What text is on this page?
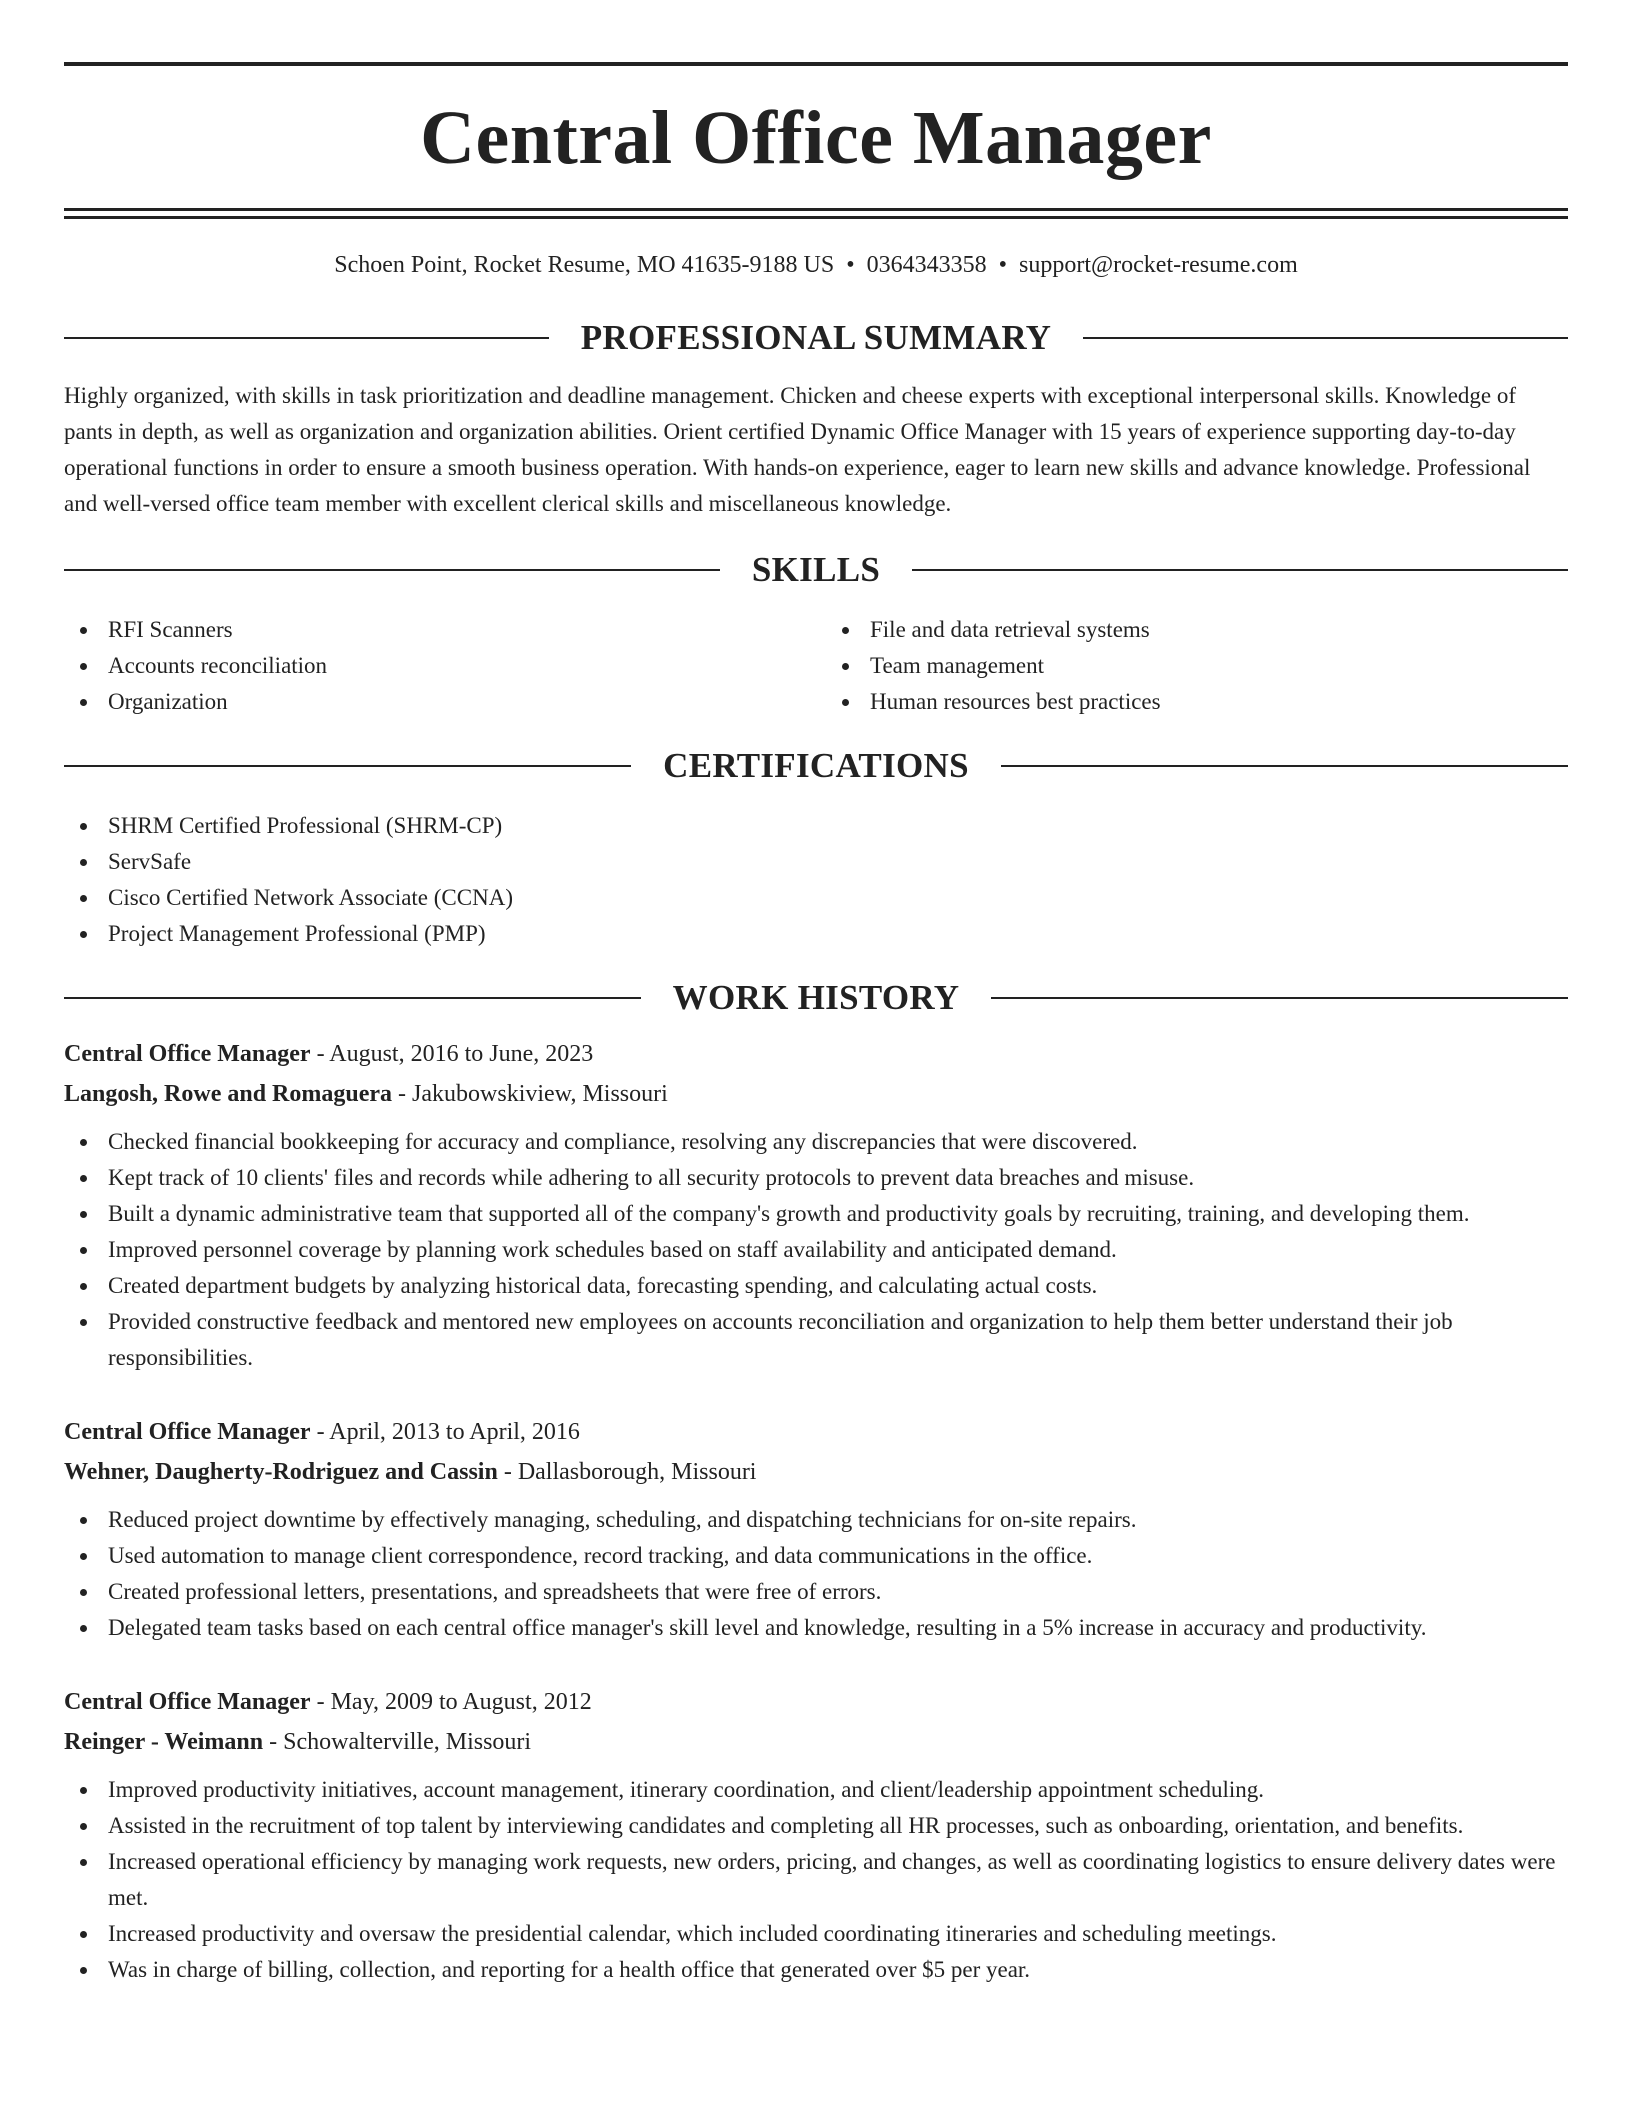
Central Office Manager
Schoen Point, Rocket Resume, MO 41635-9188 US • 0364343358 • support@rocket-resume.com
PROFESSIONAL SUMMARY

Highly organized, with skills in task prioritization and deadline management. Chicken and cheese experts with exceptional interpersonal skills. Knowledge of pants in depth, as well as organization and organization abilities. Orient certified Dynamic Office Manager with 15 years of experience supporting day-to-day operational functions in order to ensure a smooth business operation. With hands-on experience, eager to learn new skills and advance knowledge. Professional and well-versed office team member with excellent clerical skills and miscellaneous knowledge.

SKILLS
RFI Scanners
Accounts reconciliation
Organization
File and data retrieval systems
Team management
Human resources best practices
CERTIFICATIONS
SHRM Certified Professional (SHRM-CP)
ServSafe
Cisco Certified Network Associate (CCNA)
Project Management Professional (PMP)
WORK HISTORY
Central Office Manager - August, 2016 to June, 2023
Langosh, Rowe and Romaguera - Jakubowskiview, Missouri
Checked financial bookkeeping for accuracy and compliance, resolving any discrepancies that were discovered.
Kept track of 10 clients' files and records while adhering to all security protocols to prevent data breaches and misuse.
Built a dynamic administrative team that supported all of the company's growth and productivity goals by recruiting, training, and developing them.
Improved personnel coverage by planning work schedules based on staff availability and anticipated demand.
Created department budgets by analyzing historical data, forecasting spending, and calculating actual costs.
Provided constructive feedback and mentored new employees on accounts reconciliation and organization to help them better understand their job responsibilities.
Central Office Manager - April, 2013 to April, 2016
Wehner, Daugherty-Rodriguez and Cassin - Dallasborough, Missouri
Reduced project downtime by effectively managing, scheduling, and dispatching technicians for on-site repairs.
Used automation to manage client correspondence, record tracking, and data communications in the office.
Created professional letters, presentations, and spreadsheets that were free of errors.
Delegated team tasks based on each central office manager's skill level and knowledge, resulting in a 5% increase in accuracy and productivity.
Central Office Manager - May, 2009 to August, 2012
Reinger - Weimann - Schowalterville, Missouri
Improved productivity initiatives, account management, itinerary coordination, and client/leadership appointment scheduling.
Assisted in the recruitment of top talent by interviewing candidates and completing all HR processes, such as onboarding, orientation, and benefits.
Increased operational efficiency by managing work requests, new orders, pricing, and changes, as well as coordinating logistics to ensure delivery dates were met.
Increased productivity and oversaw the presidential calendar, which included coordinating itineraries and scheduling meetings.
Was in charge of billing, collection, and reporting for a health office that generated over $5 per year.
